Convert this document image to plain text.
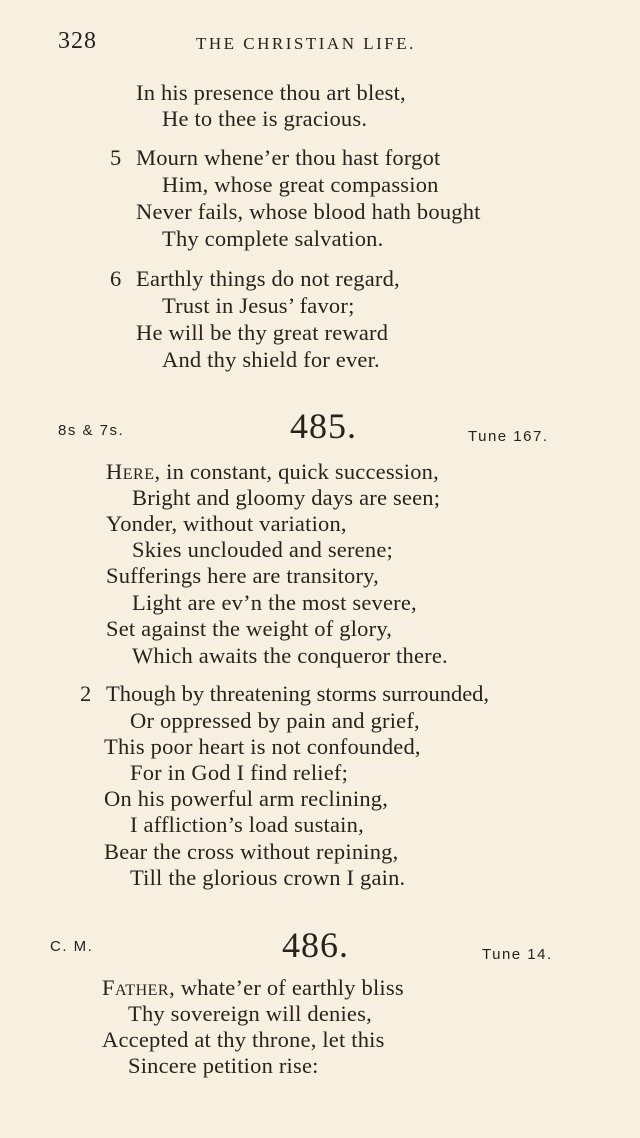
328	THE CHRISTIAN LIFE.
In his presence thou art blest,
He to thee is gracious.
5 Mourn whene’er thou hast forgot
Him, whose great compassion
Never fails, whose blood hath bought
Thy complete salvation.
6 Earthly things do not regard,
Trust in Jesus’ favor;
He will be thy great reward
And thy shield for ever.
8s & 7s.	485.	Tune 167.
Here, in constant, quick succession,
Bright and gloomy days are seen;
Yonder, without variation,
Skies unclouded and serene;
Sufferings here are transitory,
Light are ev’n the most severe,
Set against the weight of glory,
Which awaits the conqueror there.
2 Though by threatening storms surrounded,
Or oppressed by pain and grief,
This poor heart is not confounded,
For in God I find relief;
On his powerful arm reclining,
I affliction’s load sustain,
Bear the cross without repining,
Till the glorious crown I gain.
C. M.	486.	Tune 14.
Father, whate’er of earthly bliss
Thy sovereign will denies,
Accepted at thy throne, let this
Sincere petition rise:
